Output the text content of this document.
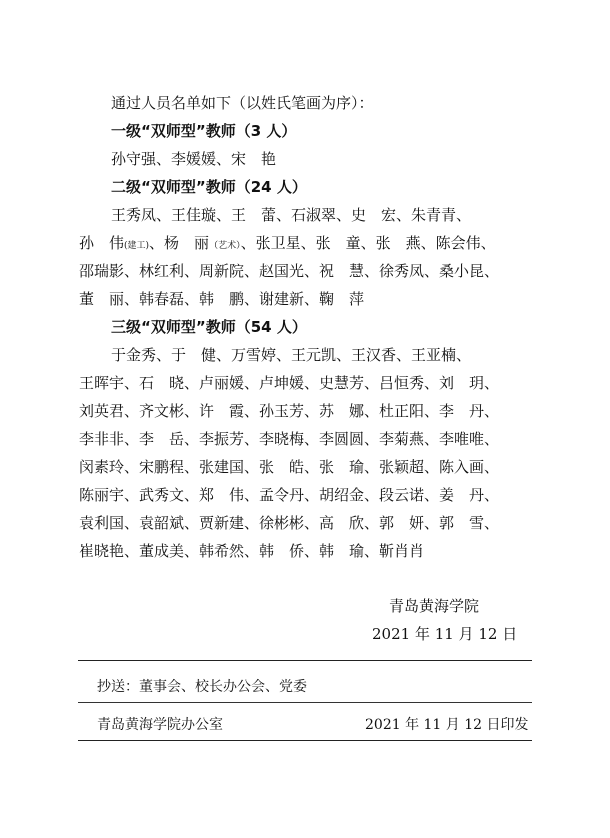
通过人员名单如下（以姓氏笔画为序）：
一级“双师型”教师（3 人）
孙守强、李媛媛、宋　艳
二级“双师型”教师（24 人）
王秀凤、王佳璇、王　蕾、石淑翠、史　宏、朱青青、
孙　伟(建工)、杨　丽（艺术）、张卫星、张　童、张　燕、陈会伟、
邵瑞影、林红利、周新院、赵国光、祝　慧、徐秀凤、桑小昆、
董　丽、韩春磊、韩　鹏、谢建新、鞠　萍
三级“双师型”教师（54 人）
于金秀、于　健、万雪婷、王元凯、王汉香、王亚楠、
王晖宇、石　晓、卢丽媛、卢坤媛、史慧芳、吕恒秀、刘　玥、
刘英君、齐文彬、许　霞、孙玉芳、苏　娜、杜正阳、李　丹、
李非非、李　岳、李振芳、李晓梅、李圆圆、李菊燕、李唯唯、
闵素玲、宋鹏程、张建国、张　皓、张　瑜、张颖超、陈入画、
陈丽宇、武秀文、郑　伟、孟令丹、胡绍金、段云诺、姜　丹、
袁利国、袁韶斌、贾新建、徐彬彬、高　欣、郭　妍、郭　雪、
崔晓艳、董成美、韩希然、韩　侨、韩　瑜、靳肖肖
青岛黄海学院
2021 年 11 月 12 日
抄送：董事会、校长办公会、党委
青岛黄海学院办公室	2021 年 11 月 12 日印发
